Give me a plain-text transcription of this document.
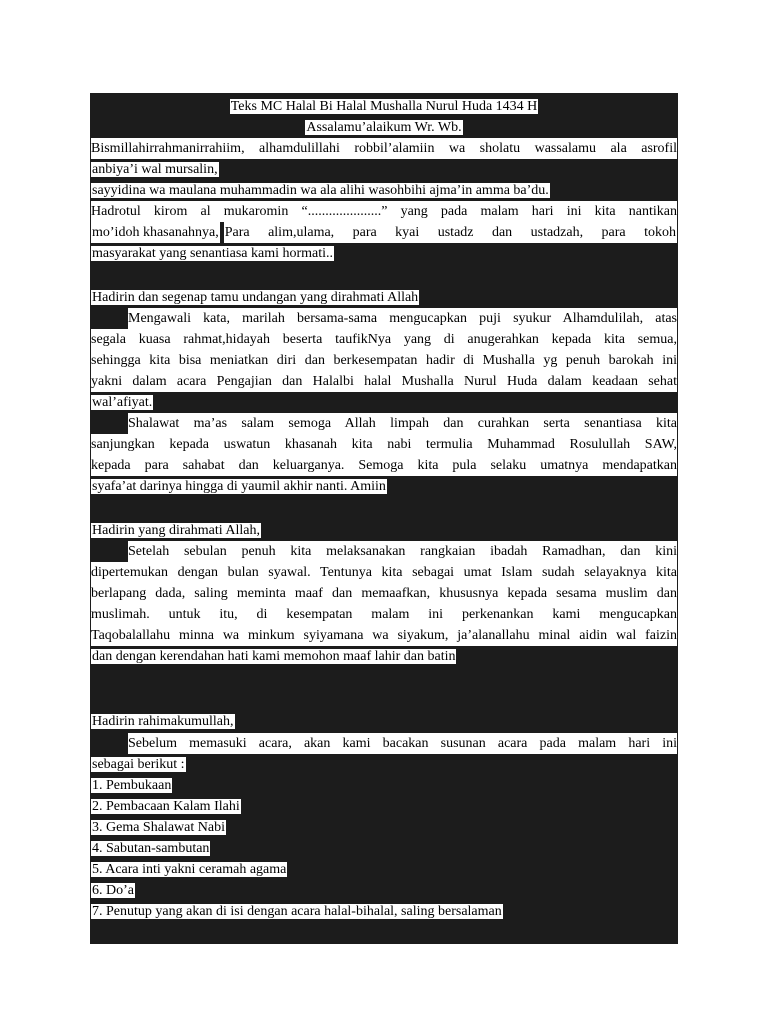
Teks MC Halal Bi Halal Mushalla Nurul Huda 1434 H
Assalamu’alaikum Wr. Wb.
Bismillahirrahmanirrahiim, alhamdulillahi robbil’alamiin wa sholatu wassalamu ala asrofil
anbiya’i wal mursalin,
sayyidina wa maulana muhammadin wa ala alihi wasohbihi ajma’in amma ba’du.
Hadrotul kirom al mukaromin “.....................” yang pada malam hari ini kita nantikan
mo’idoh khasanahnya, Para alim,ulama, para kyai ustadz dan ustadzah, para tokoh
masyarakat yang senantiasa kami hormati..
Hadirin dan segenap tamu undangan yang dirahmati Allah
Mengawali kata, marilah bersama-sama mengucapkan puji syukur Alhamdulilah, atas
segala kuasa rahmat,hidayah beserta taufikNya yang di anugerahkan kepada kita semua,
sehingga kita bisa meniatkan diri dan berkesempatan hadir di Mushalla yg penuh barokah ini
yakni dalam acara Pengajian dan Halalbi halal Mushalla Nurul Huda dalam keadaan sehat
wal’afiyat.
Shalawat ma’as salam semoga Allah limpah dan curahkan serta senantiasa kita
sanjungkan kepada uswatun khasanah kita nabi termulia Muhammad Rosulullah SAW,
kepada para sahabat dan keluarganya. Semoga kita pula selaku umatnya mendapatkan
syafa’at darinya hingga di yaumil akhir nanti. Amiin
Hadirin yang dirahmati Allah,
Setelah sebulan penuh kita melaksanakan rangkaian ibadah Ramadhan, dan kini
dipertemukan dengan bulan syawal. Tentunya kita sebagai umat Islam sudah selayaknya kita
berlapang dada, saling meminta maaf dan memaafkan, khususnya kepada sesama muslim dan
muslimah. untuk itu, di kesempatan malam ini perkenankan kami mengucapkan
Taqobalallahu minna wa minkum syiyamana wa siyakum, ja’alanallahu minal aidin wal faizin
dan dengan kerendahan hati kami memohon maaf lahir dan batin
Hadirin rahimakumullah,
Sebelum memasuki acara, akan kami bacakan susunan acara pada malam hari ini
sebagai berikut :
1. Pembukaan
2. Pembacaan Kalam Ilahi
3. Gema Shalawat Nabi
4. Sabutan-sambutan
5. Acara inti yakni ceramah agama
6. Do’a
7. Penutup yang akan di isi dengan acara halal-bihalal, saling bersalaman
